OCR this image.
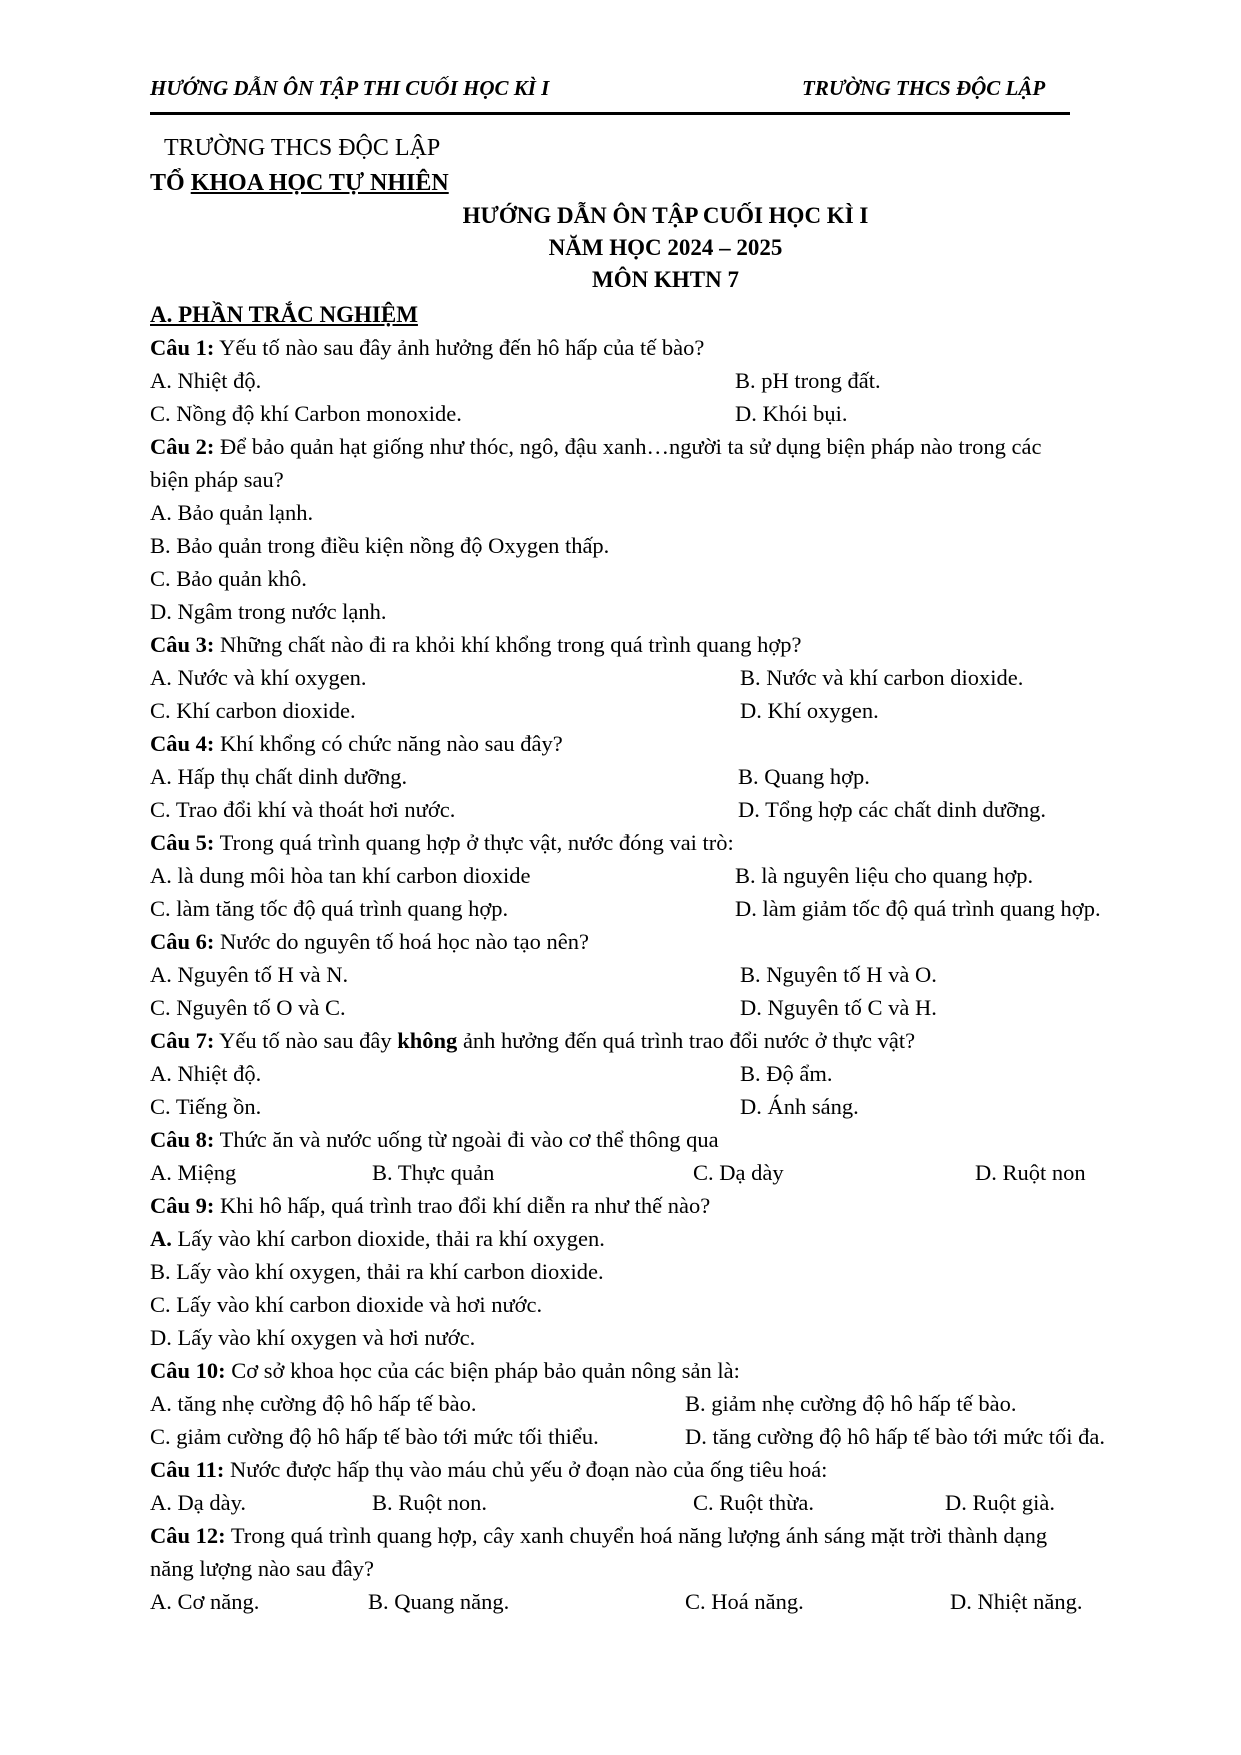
HƯỚNG DẪN ÔN TẬP THI CUỐI HỌC KÌ I	TRƯỜNG THCS ĐỘC LẬP
TRƯỜNG THCS ĐỘC LẬP
TỔ KHOA HỌC TỰ NHIÊN
HƯỚNG DẪN ÔN TẬP CUỐI HỌC KÌ I
NĂM HỌC 2024 – 2025
MÔN KHTN 7
A. PHẦN TRẮC NGHIỆM
Câu 1: Yếu tố nào sau đây ảnh hưởng đến hô hấp của tế bào?
A. Nhiệt độ.	B. pH trong đất.
C. Nồng độ khí Carbon monoxide.	D. Khói bụi.
Câu 2: Để bảo quản hạt giống như thóc, ngô, đậu xanh…người ta sử dụng biện pháp nào trong các
biện pháp sau?
A. Bảo quản lạnh.
B. Bảo quản trong điều kiện nồng độ Oxygen thấp.
C. Bảo quản khô.
D. Ngâm trong nước lạnh.
Câu 3: Những chất nào đi ra khỏi khí khổng trong quá trình quang hợp?
A. Nước và khí oxygen.	B. Nước và khí carbon dioxide.
C. Khí carbon dioxide.	D. Khí oxygen.
Câu 4: Khí khổng có chức năng nào sau đây?
A. Hấp thụ chất dinh dưỡng.	B. Quang hợp.
C. Trao đổi khí và thoát hơi nước.	D. Tổng hợp các chất dinh dưỡng.
Câu 5: Trong quá trình quang hợp ở thực vật, nước đóng vai trò:
A. là dung môi hòa tan khí carbon dioxide	B. là nguyên liệu cho quang hợp.
C. làm tăng tốc độ quá trình quang hợp.	D. làm giảm tốc độ quá trình quang hợp.
Câu 6: Nước do nguyên tố hoá học nào tạo nên?
A. Nguyên tố H và N.	B. Nguyên tố H và O.
C. Nguyên tố O và C.	D. Nguyên tố C và H.
Câu 7: Yếu tố nào sau đây không ảnh hưởng đến quá trình trao đổi nước ở thực vật?
A. Nhiệt độ.	B. Độ ẩm.
C. Tiếng ồn.	D. Ánh sáng.
Câu 8: Thức ăn và nước uống từ ngoài đi vào cơ thể thông qua
A. Miệng	B. Thực quản	C. Dạ dày	D. Ruột non
Câu 9: Khi hô hấp, quá trình trao đổi khí diễn ra như thế nào?
A. Lấy vào khí carbon dioxide, thải ra khí oxygen.
B. Lấy vào khí oxygen, thải ra khí carbon dioxide.
C. Lấy vào khí carbon dioxide và hơi nước.
D. Lấy vào khí oxygen và hơi nước.
Câu 10: Cơ sở khoa học của các biện pháp bảo quản nông sản là:
A. tăng nhẹ cường độ hô hấp tế bào.	B. giảm nhẹ cường độ hô hấp tế bào.
C. giảm cường độ hô hấp tế bào tới mức tối thiểu.	D. tăng cường độ hô hấp tế bào tới mức tối đa.
Câu 11: Nước được hấp thụ vào máu chủ yếu ở đoạn nào của ống tiêu hoá:
A. Dạ dày.	B. Ruột non.	C. Ruột thừa.	D. Ruột già.
Câu 12: Trong quá trình quang hợp, cây xanh chuyển hoá năng lượng ánh sáng mặt trời thành dạng
năng lượng nào sau đây?
A. Cơ năng.	B. Quang năng.	C. Hoá năng.	D. Nhiệt năng.
